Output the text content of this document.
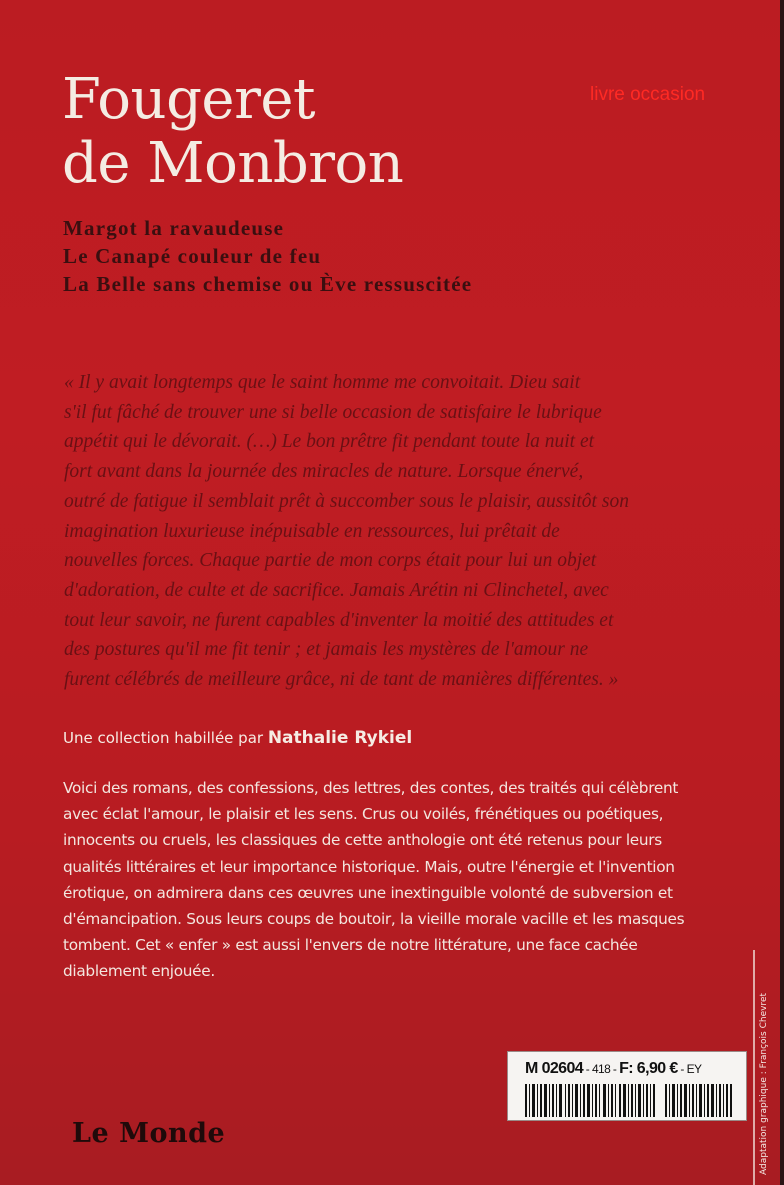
Fougeret
de Monbron
livre occasion
Margot la ravaudeuse
Le Canapé couleur de feu
La Belle sans chemise ou Ève ressuscitée
« Il y avait longtemps que le saint homme me convoitait. Dieu sait
s'il fut fâché de trouver une si belle occasion de satisfaire le lubrique
appétit qui le dévorait. (…) Le bon prêtre fit pendant toute la nuit et
fort avant dans la journée des miracles de nature. Lorsque énervé,
outré de fatigue il semblait prêt à succomber sous le plaisir, aussitôt son
imagination luxurieuse inépuisable en ressources, lui prêtait de
nouvelles forces. Chaque partie de mon corps était pour lui un objet
d'adoration, de culte et de sacrifice. Jamais Arétin ni Clinchetel, avec
tout leur savoir, ne furent capables d'inventer la moitié des attitudes et
des postures qu'il me fit tenir ; et jamais les mystères de l'amour ne
furent célébrés de meilleure grâce, ni de tant de manières différentes. »
Une collection habillée par Nathalie Rykiel
Voici des romans, des confessions, des lettres, des contes, des traités qui célèbrent
avec éclat l'amour, le plaisir et les sens. Crus ou voilés, frénétiques ou poétiques,
innocents ou cruels, les classiques de cette anthologie ont été retenus pour leurs
qualités littéraires et leur importance historique. Mais, outre l'énergie et l'invention
érotique, on admirera dans ces œuvres une inextinguible volonté de subversion et
d'émancipation. Sous leurs coups de boutoir, la vieille morale vacille et les masques
tombent. Cet « enfer » est aussi l'envers de notre littérature, une face cachée
diablement enjouée.
M 02604 - 418 - F: 6,90 € - EY	Adaptation graphique : François Chevret
Le Monde
